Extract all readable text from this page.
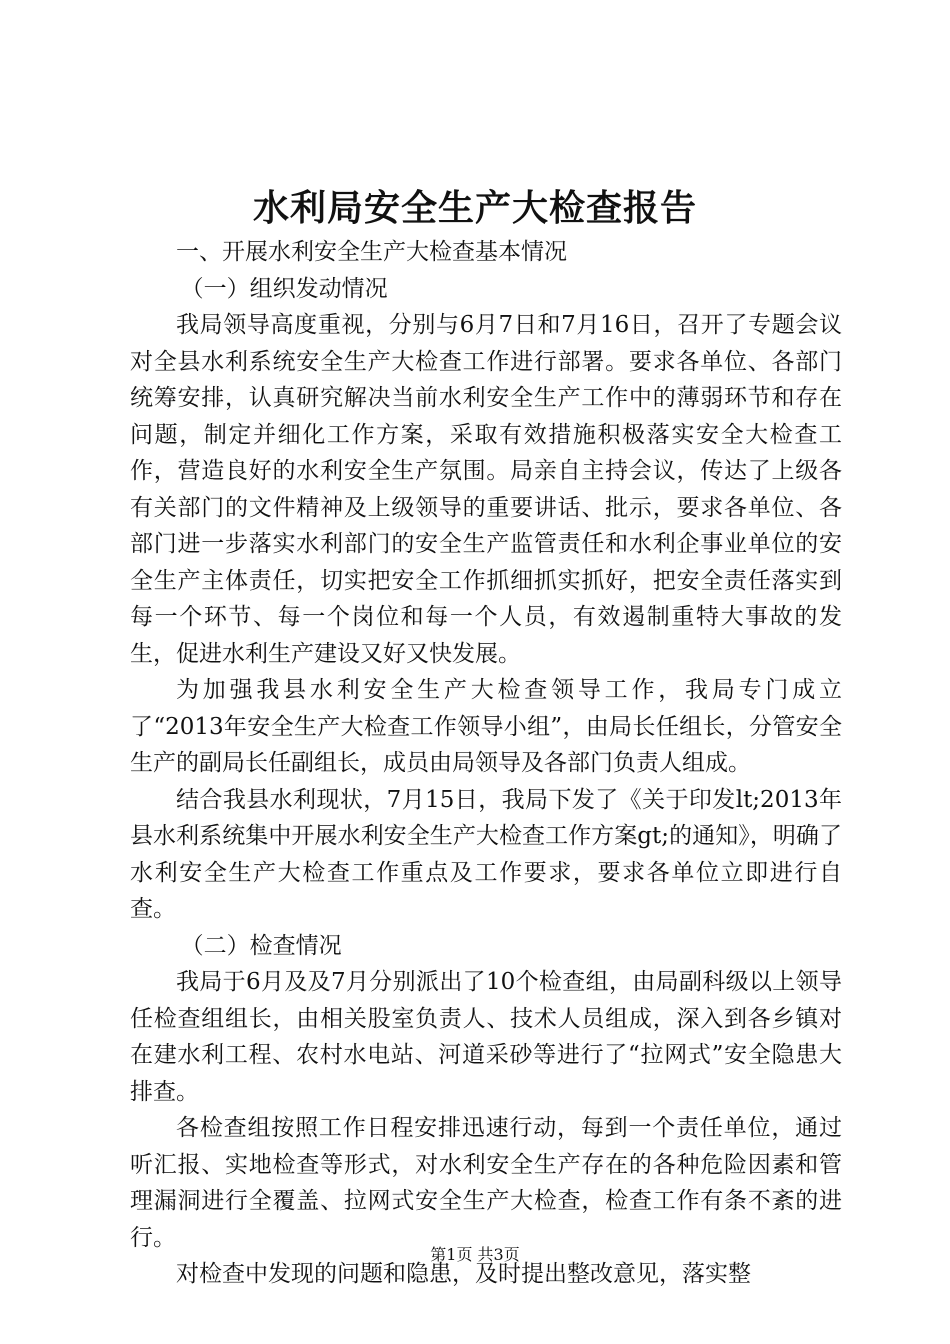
水利局安全生产大检查报告

一、开展水利安全生产大检查基本情况

（一）组织发动情况

我局领导高度重视，分别与6月7日和7月16日，召开了专题会议对全县水利系统安全生产大检查工作进行部署。要求各单位、各部门统筹安排，认真研究解决当前水利安全生产工作中的薄弱环节和存在问题，制定并细化工作方案，采取有效措施积极落实安全大检查工作，营造良好的水利安全生产氛围。局亲自主持会议，传达了上级各有关部门的文件精神及上级领导的重要讲话、批示，要求各单位、各部门进一步落实水利部门的安全生产监管责任和水利企事业单位的安全生产主体责任，切实把安全工作抓细抓实抓好，把安全责任落实到每一个环节、每一个岗位和每一个人员，有效遏制重特大事故的发生，促进水利生产建设又好又快发展。

为加强我县水利安全生产大检查领导工作，我局专门成立了“2013年安全生产大检查工作领导小组”，由局长任组长，分管安全生产的副局长任副组长，成员由局领导及各部门负责人组成。

结合我县水利现状，7月15日，我局下发了《关于印发lt;2013年县水利系统集中开展水利安全生产大检查工作方案gt;的通知》，明确了水利安全生产大检查工作重点及工作要求，要求各单位立即进行自查。

（二）检查情况

我局于6月及及7月分别派出了10个检查组，由局副科级以上领导任检查组组长，由相关股室负责人、技术人员组成，深入到各乡镇对在建水利工程、农村水电站、河道采砂等进行了“拉网式”安全隐患大排查。

各检查组按照工作日程安排迅速行动，每到一个责任单位，通过听汇报、实地检查等形式，对水利安全生产存在的各种危险因素和管理漏洞进行全覆盖、拉网式安全生产大检查，检查工作有条不紊的进行。

对检查中发现的问题和隐患，及时提出整改意见，落实整

第1页 共3页
